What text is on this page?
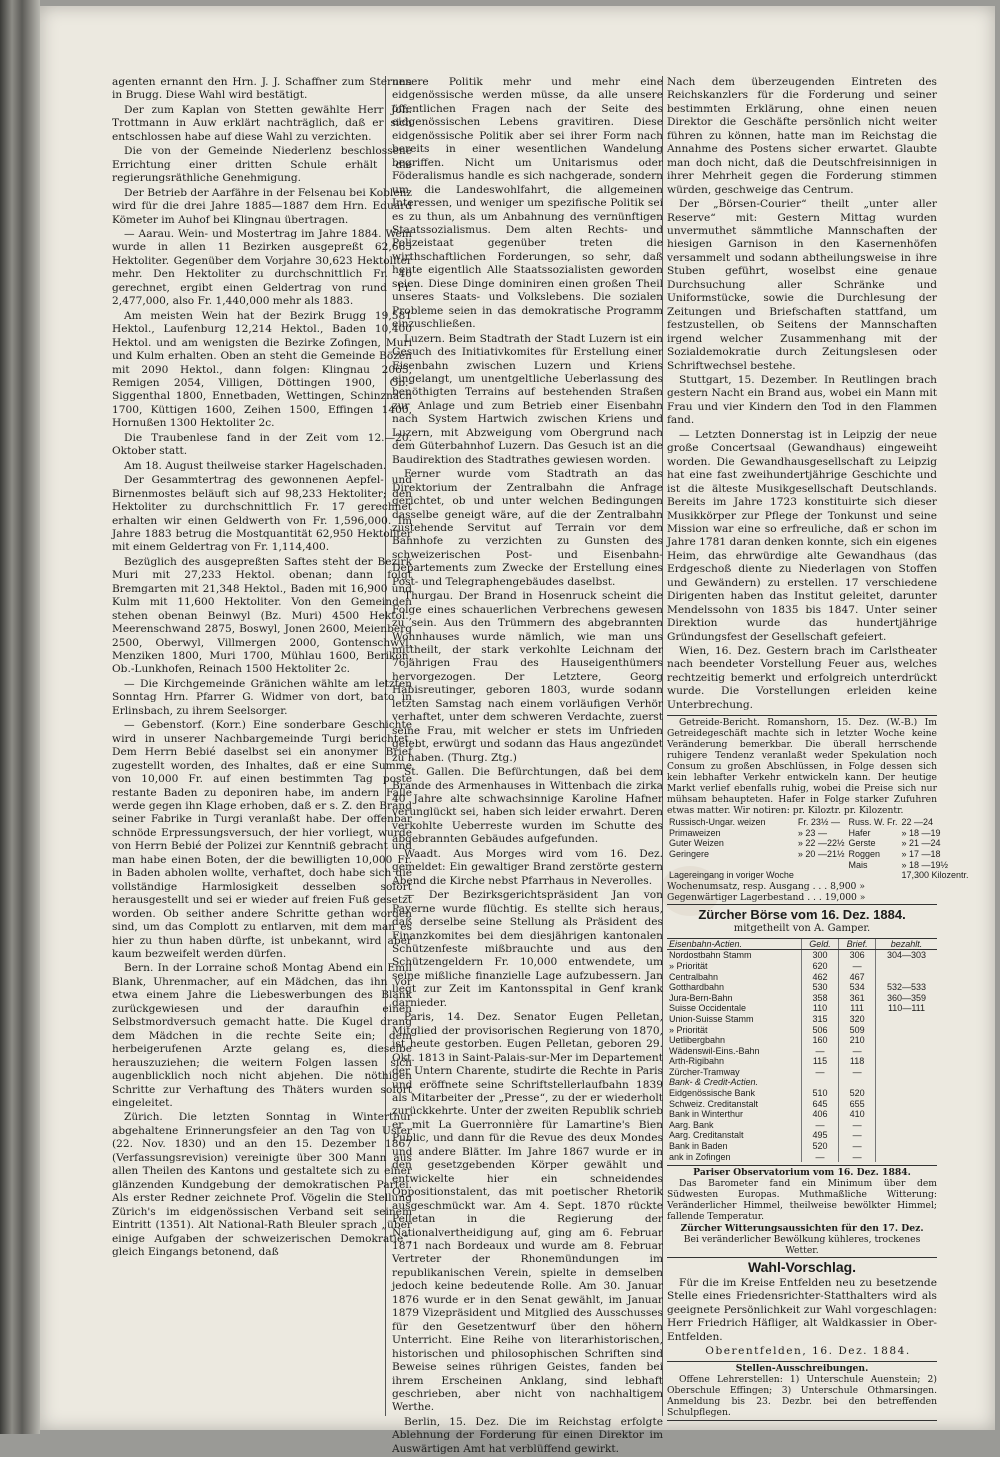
agenten ernannt den Hrn. J. J. Schaffner zum Sternen in Brugg. Diese Wahl wird bestätigt.

Der zum Kaplan von Stetten gewählte Herr Joh. Trottmann in Auw erklärt nachträglich, daß er sich entschlossen habe auf diese Wahl zu verzichten.

Die von der Gemeinde Niederlenz beschlossene Errichtung einer dritten Schule erhält die regierungsräthliche Genehmigung.

Der Betrieb der Aarfähre in der Felsenau bei Koblenz wird für die drei Jahre 1885—1887 dem Hrn. Eduard Kömeter im Auhof bei Klingnau übertragen.

— Aarau. Wein- und Mostertrag im Jahre 1884. Wein wurde in allen 11 Bezirken ausgepreßt 62,665 Hektoliter. Gegenüber dem Vorjahre 30,623 Hektoliter mehr. Den Hektoliter zu durchschnittlich Fr. 40 gerechnet, ergibt einen Geldertrag von rund Fr. 2,477,000, also Fr. 1,440,000 mehr als 1883.

Am meisten Wein hat der Bezirk Brugg 19,581 Hektol., Laufenburg 12,214 Hektol., Baden 10,400 Hektol. und am wenigsten die Bezirke Zofingen, Muri und Kulm erhalten. Oben an steht die Gemeinde Bözen mit 2090 Hektol., dann folgen: Klingnau 2065, Remigen 2054, Villigen, Döttingen 1900, Ob.-Siggenthal 1800, Ennetbaden, Wettingen, Schinznach 1700, Küttigen 1600, Zeihen 1500, Effingen 1400, Hornußen 1300 Hektoliter 2c.

Die Traubenlese fand in der Zeit vom 12.—20. Oktober statt.

Am 18. August theilweise starker Hagelschaden.

Der Gesammtertrag des gewonnenen Aepfel- und Birnenmostes beläuft sich auf 98,233 Hektoliter; den Hektoliter zu durchschnittlich Fr. 17 gerechnet erhalten wir einen Geldwerth von Fr. 1,596,000. Im Jahre 1883 betrug die Mostquantität 62,950 Hektoliter mit einem Geldertrag von Fr. 1,114,400.

Bezüglich des ausgepreßten Saftes steht der Bezirk Muri mit 27,233 Hektol. obenan; dann folgt Bremgarten mit 21,348 Hektol., Baden mit 16,900 und Kulm mit 11,600 Hektoliter. Von den Gemeinden stehen obenan Beinwyl (Bz. Muri) 4500 Hektol., Meerenschwand 2875, Boswyl, Jonen 2600, Meienberg 2500, Oberwyl, Villmergen 2000, Gontenschwyl, Menziken 1800, Muri 1700, Mühlau 1600, Berikon, Ob.-Lunkhofen, Reinach 1500 Hektoliter 2c.

— Die Kirchgemeinde Gränichen wählte am letzten Sonntag Hrn. Pfarrer G. Widmer von dort, bato in Erlinsbach, zu ihrem Seelsorger.

— Gebenstorf. (Korr.) Eine sonderbare Geschichte wird in unserer Nachbargemeinde Turgi berichtet. Dem Herrn Bebié daselbst sei ein anonymer Brief zugestellt worden, des Inhaltes, daß er eine Summe von 10,000 Fr. auf einen bestimmten Tag poste restante Baden zu deponiren habe, im andern Falle werde gegen ihn Klage erhoben, daß er s. Z. den Brand seiner Fabrike in Turgi veranlaßt habe. Der offenbar schnöde Erpressungsversuch, der hier vorliegt, wurde von Herrn Bebié der Polizei zur Kenntniß gebracht und man habe einen Boten, der die bewilligten 10,000 Fr. in Baden abholen wollte, verhaftet, doch habe sich die vollständige Harmlosigkeit desselben sofort herausgestellt und sei er wieder auf freien Fuß gesetzt worden. Ob seither andere Schritte gethan worden sind, um das Complott zu entlarven, mit dem man es hier zu thun haben dürfte, ist unbekannt, wird aber kaum bezweifelt werden dürfen.

Bern. In der Lorraine schoß Montag Abend ein Emil Blank, Uhrenmacher, auf ein Mädchen, das ihn vor etwa einem Jahre die Liebeswerbungen des Blank zurückgewiesen und der daraufhin einen Selbstmordversuch gemacht hatte. Die Kugel drang dem Mädchen in die rechte Seite ein; dem herbeigerufenen Arzte gelang es, dieselbe herauszuziehen; die weitern Folgen lassen sich augenblicklich noch nicht abjehen. Die nöthigen Schritte zur Verhaftung des Thäters wurden sofort eingeleitet.

Zürich. Die letzten Sonntag in Winterthur abgehaltene Erinnerungsfeier an den Tag von Uster (22. Nov. 1830) und an den 15. Dezember 1867 (Verfassungsrevision) vereinigte über 300 Mann aus allen Theilen des Kantons und gestaltete sich zu einer glänzenden Kundgebung der demokratischen Partei. Als erster Redner zeichnete Prof. Vögelin die Stellung Zürich's im eidgenössischen Verband seit seinem Eintritt (1351). Alt National-Rath Bleuler sprach „über einige Aufgaben der schweizerischen Demokratie“, gleich Eingangs betonend, daß

unsere Politik mehr und mehr eine eidgenössische werden müsse, da alle unsere öffentlichen Fragen nach der Seite des eidgenössischen Lebens gravitiren. Diese eidgenössische Politik aber sei ihrer Form nach bereits in einer wesentlichen Wandelung begriffen. Nicht um Unitarismus oder Föderalismus handle es sich nachgerade, sondern um die Landeswohlfahrt, die allgemeinen Interessen, und weniger um spezifische Politik sei es zu thun, als um Anbahnung des vernünftigen Staatssozialismus. Dem alten Rechts- und Polizeistaat gegenüber treten die wirthschaftlichen Forderungen, so sehr, daß heute eigentlich Alle Staatssozialisten geworden seien. Diese Dinge dominiren einen großen Theil unseres Staats- und Volkslebens. Die sozialen Probleme seien in das demokratische Programm einzuschließen.

Luzern. Beim Stadtrath der Stadt Luzern ist ein Gesuch des Initiativkomites für Erstellung einer Eisenbahn zwischen Luzern und Kriens eingelangt, um unentgeltliche Ueberlassung des benöthigten Terrains auf bestehenden Straßen zur Anlage und zum Betrieb einer Eisenbahn nach System Hartwich zwischen Kriens und Luzern, mit Abzweigung vom Obergrund nach dem Güterbahnhof Luzern. Das Gesuch ist an die Baudirektion des Stadtrathes gewiesen worden.

Ferner wurde vom Stadtrath an das Direktorium der Zentralbahn die Anfrage gerichtet, ob und unter welchen Bedingungen dasselbe geneigt wäre, auf die der Zentralbahn zustehende Servitut auf Terrain vor dem Bahnhofe zu verzichten zu Gunsten des schweizerischen Post- und Eisenbahn-Departements zum Zwecke der Erstellung eines Post- und Telegraphengebäudes daselbst.

Thurgau. Der Brand in Hosenruck scheint die Folge eines schauerlichen Verbrechens gewesen zu sein. Aus den Trümmern des abgebrannten Wohnhauses wurde nämlich, wie man uns mittheilt, der stark verkohlte Leichnam der 76jährigen Frau des Hauseigenthümers hervorgezogen. Der Letztere, Georg Habisreutinger, geboren 1803, wurde sodann letzten Samstag nach einem vorläufigen Verhör verhaftet, unter dem schweren Verdachte, zuerst seine Frau, mit welcher er stets im Unfrieden gelebt, erwürgt und sodann das Haus angezündet zu haben. (Thurg. Ztg.)

St. Gallen. Die Befürchtungen, daß bei dem Brande des Armenhauses in Wittenbach die zirka 40 Jahre alte schwachsinnige Karoline Hafner verunglückt sei, haben sich leider erwahrt. Deren verkohlte Ueberreste wurden im Schutte des abgebrannten Gebäudes aufgefunden.

Waadt. Aus Morges wird vom 16. Dez. gemeldet: Ein gewaltiger Brand zerstörte gestern Abend die Kirche nebst Pfarrhaus in Neverolles.

— Der Bezirksgerichtspräsident Jan von Payerne wurde flüchtig. Es stellte sich heraus, daß derselbe seine Stellung als Präsident des Finanzkomites bei dem diesjährigen kantonalen Schützenfeste mißbrauchte und aus den Schützengeldern Fr. 10,000 entwendete, um seine mißliche finanzielle Lage aufzubessern. Jan liegt zur Zeit im Kantonsspital in Genf krank darnieder.

Paris, 14. Dez. Senator Eugen Pelletan, Mitglied der provisorischen Regierung von 1870, ist heute gestorben. Eugen Pelletan, geboren 29. Okt. 1813 in Saint-Palais-sur-Mer im Departement der Untern Charente, studirte die Rechte in Paris und eröffnete seine Schriftstellerlaufbahn 1839 als Mitarbeiter der „Presse“, zu der er wiederholt zurückkehrte. Unter der zweiten Republik schrieb er mit La Guerronnière für Lamartine's Bien Public, und dann für die Revue des deux Mondes und andere Blätter. Im Jahre 1867 wurde er in den gesetzgebenden Körper gewählt und entwickelte hier ein schneidendes Oppositionstalent, das mit poetischer Rhetorik ausgeschmückt war. Am 4. Sept. 1870 rückte Pelletan in die Regierung der Nationalvertheidigung auf, ging am 6. Februar 1871 nach Bordeaux und wurde am 8. Februar Vertreter der Rhonemündungen im republikanischen Verein, spielte in demselben jedoch keine bedeutende Rolle. Am 30. Januar 1876 wurde er in den Senat gewählt, im Januar 1879 Vizepräsident und Mitglied des Ausschusses für den Gesetzentwurf über den höhern Unterricht. Eine Reihe von literarhistorischen, historischen und philosophischen Schriften sind Beweise seines rührigen Geistes, fanden bei ihrem Erscheinen Anklang, sind lebhaft geschrieben, aber nicht von nachhaltigem Werthe.

Berlin, 15. Dez. Die im Reichstag erfolgte Ablehnung der Forderung für einen Direktor im Auswärtigen Amt hat verblüffend gewirkt.

Nach dem überzeugenden Eintreten des Reichskanzlers für die Forderung und seiner bestimmten Erklärung, ohne einen neuen Direktor die Geschäfte persönlich nicht weiter führen zu können, hatte man im Reichstag die Annahme des Postens sicher erwartet. Glaubte man doch nicht, daß die Deutschfreisinnigen in ihrer Mehrheit gegen die Forderung stimmen würden, geschweige das Centrum.

Der „Börsen-Courier“ theilt „unter aller Reserve“ mit: Gestern Mittag wurden unvermuthet sämmtliche Mannschaften der hiesigen Garnison in den Kasernenhöfen versammelt und sodann abtheilungsweise in ihre Stuben geführt, woselbst eine genaue Durchsuchung aller Schränke und Uniformstücke, sowie die Durchlesung der Zeitungen und Briefschaften stattfand, um festzustellen, ob Seitens der Mannschaften irgend welcher Zusammenhang mit der Sozialdemokratie durch Zeitungslesen oder Schriftwechsel bestehe.

Stuttgart, 15. Dezember. In Reutlingen brach gestern Nacht ein Brand aus, wobei ein Mann mit Frau und vier Kindern den Tod in den Flammen fand.

— Letzten Donnerstag ist in Leipzig der neue große Concertsaal (Gewandhaus) eingeweiht worden. Die Gewandhausgesellschaft zu Leipzig hat eine fast zweihundertjährige Geschichte und ist die älteste Musikgesellschaft Deutschlands. Bereits im Jahre 1723 konstituirte sich dieser Musikkörper zur Pflege der Tonkunst und seine Mission war eine so erfreuliche, daß er schon im Jahre 1781 daran denken konnte, sich ein eigenes Heim, das ehrwürdige alte Gewandhaus (das Erdgeschoß diente zu Niederlagen von Stoffen und Gewändern) zu erstellen. 17 verschiedene Dirigenten haben das Institut geleitet, darunter Mendelssohn von 1835 bis 1847. Unter seiner Direktion wurde das hundertjährige Gründungsfest der Gesellschaft gefeiert.

Wien, 16. Dez. Gestern brach im Carlstheater nach beendeter Vorstellung Feuer aus, welches rechtzeitig bemerkt und erfolgreich unterdrückt wurde. Die Vorstellungen erleiden keine Unterbrechung.

Getreide-Bericht. Romanshorn, 15. Dez. (W.-B.) Im Getreidegeschäft machte sich in letzter Woche keine Veränderung bemerkbar. Die überall herrschende ruhigere Tendenz veranlaßt weder Spekulation noch Consum zu großen Abschlüssen, in Folge dessen sich kein lebhafter Verkehr entwickeln kann. Der heutige Markt verlief ebenfalls ruhig, wobei die Preise sich nur mühsam behaupteten. Hafer in Folge starker Zufuhren etwas matter. Wir notiren: pr. Kiloztr. pr. Kilozentr.

Russisch-Ungar. weizen	Fr. 23½ —	Russ. W. Fr.	22 —24
Primaweizen	» 23 —	Hafer	» 18 —19
Guter Weizen	» 22 —22½	Gerste	» 21 —24
Geringere	» 20 —21½	Roggen	» 17 —18
		Mais	» 18 —19½
Lagereingang in voriger Woche			17,300 Kilozentr.
Wochenumsatz, resp. Ausgang . . . 8,900 »
Gegenwärtiger Lagerbestand . . . 19,000 »
Zürcher Börse vom 16. Dez. 1884.
mitgetheilt von A. Gamper.
Eisenbahn-Actien.	Geld.	Brief.	bezahlt.
Nordostbahn Stamm	300	306	304—303
» Priorität	620	—	
Centralbahn	462	467	
Gotthardbahn	530	534	532—533
Jura-Bern-Bahn	358	361	360—359
Suisse Occidentale	110	111	110—111
Union-Suisse Stamm	315	320	
» Priorität	506	509	
Uetlibergbahn	160	210	
Wädenswil-Eins.-Bahn	—	—	
Arth-Rigibahn	115	118	
Zürcher-Tramway	—	—	
Bank- & Credit-Actien.			
Eidgenössische Bank	510	520	
Schweiz. Creditanstalt	645	655	
Bank in Winterthur	406	410	
Aarg. Bank	—	—	
Aarg. Creditanstalt	495	—	
Bank in Baden	520	—	
ank in Zofingen	—	—	
Pariser Observatorium vom 16. Dez. 1884.

Das Barometer fand ein Minimum über dem Südwesten Europas. Muthmaßliche Witterung: Veränderlicher Himmel, theilweise bewölkter Himmel; fallende Temperatur.

Zürcher Witterungsaussichten für den 17. Dez.
Bei veränderlicher Bewölkung kühleres, trockenes Wetter.
Wahl-Vorschlag.

Für die im Kreise Entfelden neu zu besetzende Stelle eines Friedensrichter-Statthalters wird als geeignete Persönlichkeit zur Wahl vorgeschlagen: Herr Friedrich Häfliger, alt Waldkassier in Ober-Entfelden.

Oberentfelden, 16. Dez. 1884.

Stellen-Ausschreibungen.

Offene Lehrerstellen: 1) Unterschule Auenstein; 2) Oberschule Effingen; 3) Unterschule Othmarsingen. Anmeldung bis 23. Dezbr. bei den betreffenden Schulpflegen.
